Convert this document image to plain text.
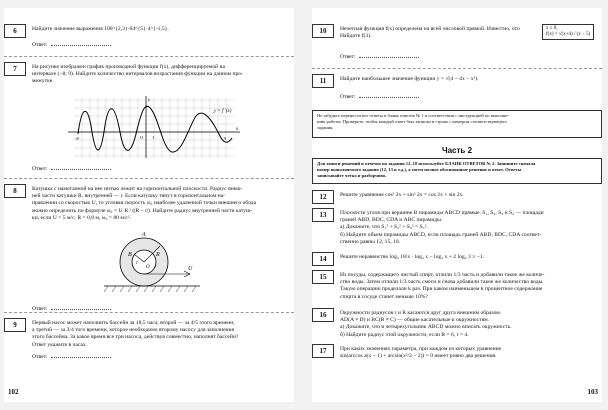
6	Найдите значение выражения 100^{2,3}·64^{5}·4^{-1,5}.
Ответ:
7	На рисунке изображен график производной функции f(x), дифференцируемой на
интервале (−8; 9). Найдите количество интервалов возрастания функции на данном про-
межутке.
y = f ′(x)
y
x
O
−8	9
1
Ответ:
8	Катушка с намотанной на нее нитью лежит на горизонтальной плоскости. Радиус внеш-
ней части катушки R, внутренней — r. Если катушку тянут в горизонтальном на-
правлении со скоростью U, то угловая скорость ω₀ наиболее удаленной точки внешнего обода
можно определить по формуле ω₀ = U·R / (|R − r|). Найдите радиус внутренней части катуш-
ки, если U = 5 м/с, R = 0,8 м, ω₀ = 80 м/с².
A
B	R
r
O	U
Ответ:
9	Первый насос может наполнить бассейн за 18,5 часа, второй — за 4/5 этого времени,
а третий — за 3/4 того времени, которое необходимо второму насосу для заполнения
этого бассейна. За какое время все три насоса, действуя совместно, наполнят бассейн?
Ответ укажите в часах.
Ответ:
102
10	Нечетная функция f(x) определена на всей числовой прямой. Известно, что
Найдите f(3).
x ≤ 0,
f(x) = √(x+4) / (x − 5)
Ответ:
11	Найдите наибольшее значение функции y = √(4 − 4x − x²).
Ответ:
Не забудьте перенести все ответы в бланк ответов № 1 в соответствии с инструкцией по выполне-
нию работы. Проверьте, чтобы каждый ответ был записан в строке с номером соответствующего
задания.
Часть 2
Для записи решений и ответов на задания 12–18 используйте БЛАНК ОТВЕТОВ № 2. Запишите сначала
номер выполняемого задания (12, 13 и т.д.), а затем полное обоснованное решение и ответ. Ответы
записывайте четко и разборчиво.
12	Решите уравнение cos² 2x + sin² 2x = cos 2x + sin 2x.
13	Плоскости углов при вершине B пирамиды ABCD прямые. S₁, S₂, S₃ и S₄ — площади
граней ABD, BDC, CDA и ABC пирамиды.
а) Докажите, что S₁² + S₂² + S₄² = S₃².
б) Найдите объем пирамиды ABCD, если площадь граней ABD, BDC, CDA соответ-
ственно равны 12, 15, 10.
14	Решите неравенство log₂ 18/x · log₂ x − log₂ x + 2 log₂ 3 ≥ −1.
15	Из посуды, содержащего чистый спирт, отлили 1/3 часть и добавили такое же количе-
ство воды. Затем отлили 1/3 часть смеси и снова добавили такое же количество воды.
Такую операцию проделали k раз. При каком наименьшем k процентное содержание
спирта в сосуде станет меньше 10%?
16	Окружности радиусов r и R касаются друг друга внешним образом.
AD(A ≠ D) и BC(B ≠ C) — общие касательные к окружностям.
а) Докажите, что в четырехугольник ABCD можно вписать окружность.
б) Найдите радиус этой окружности, если R = 6, r = 4.
17	При каких значениях параметра, при каждом из которых уравнение
sin(arccos a(x − 1) + arcsin(x²/2 − 2)) = 0 имеет ровно два решения.
103
